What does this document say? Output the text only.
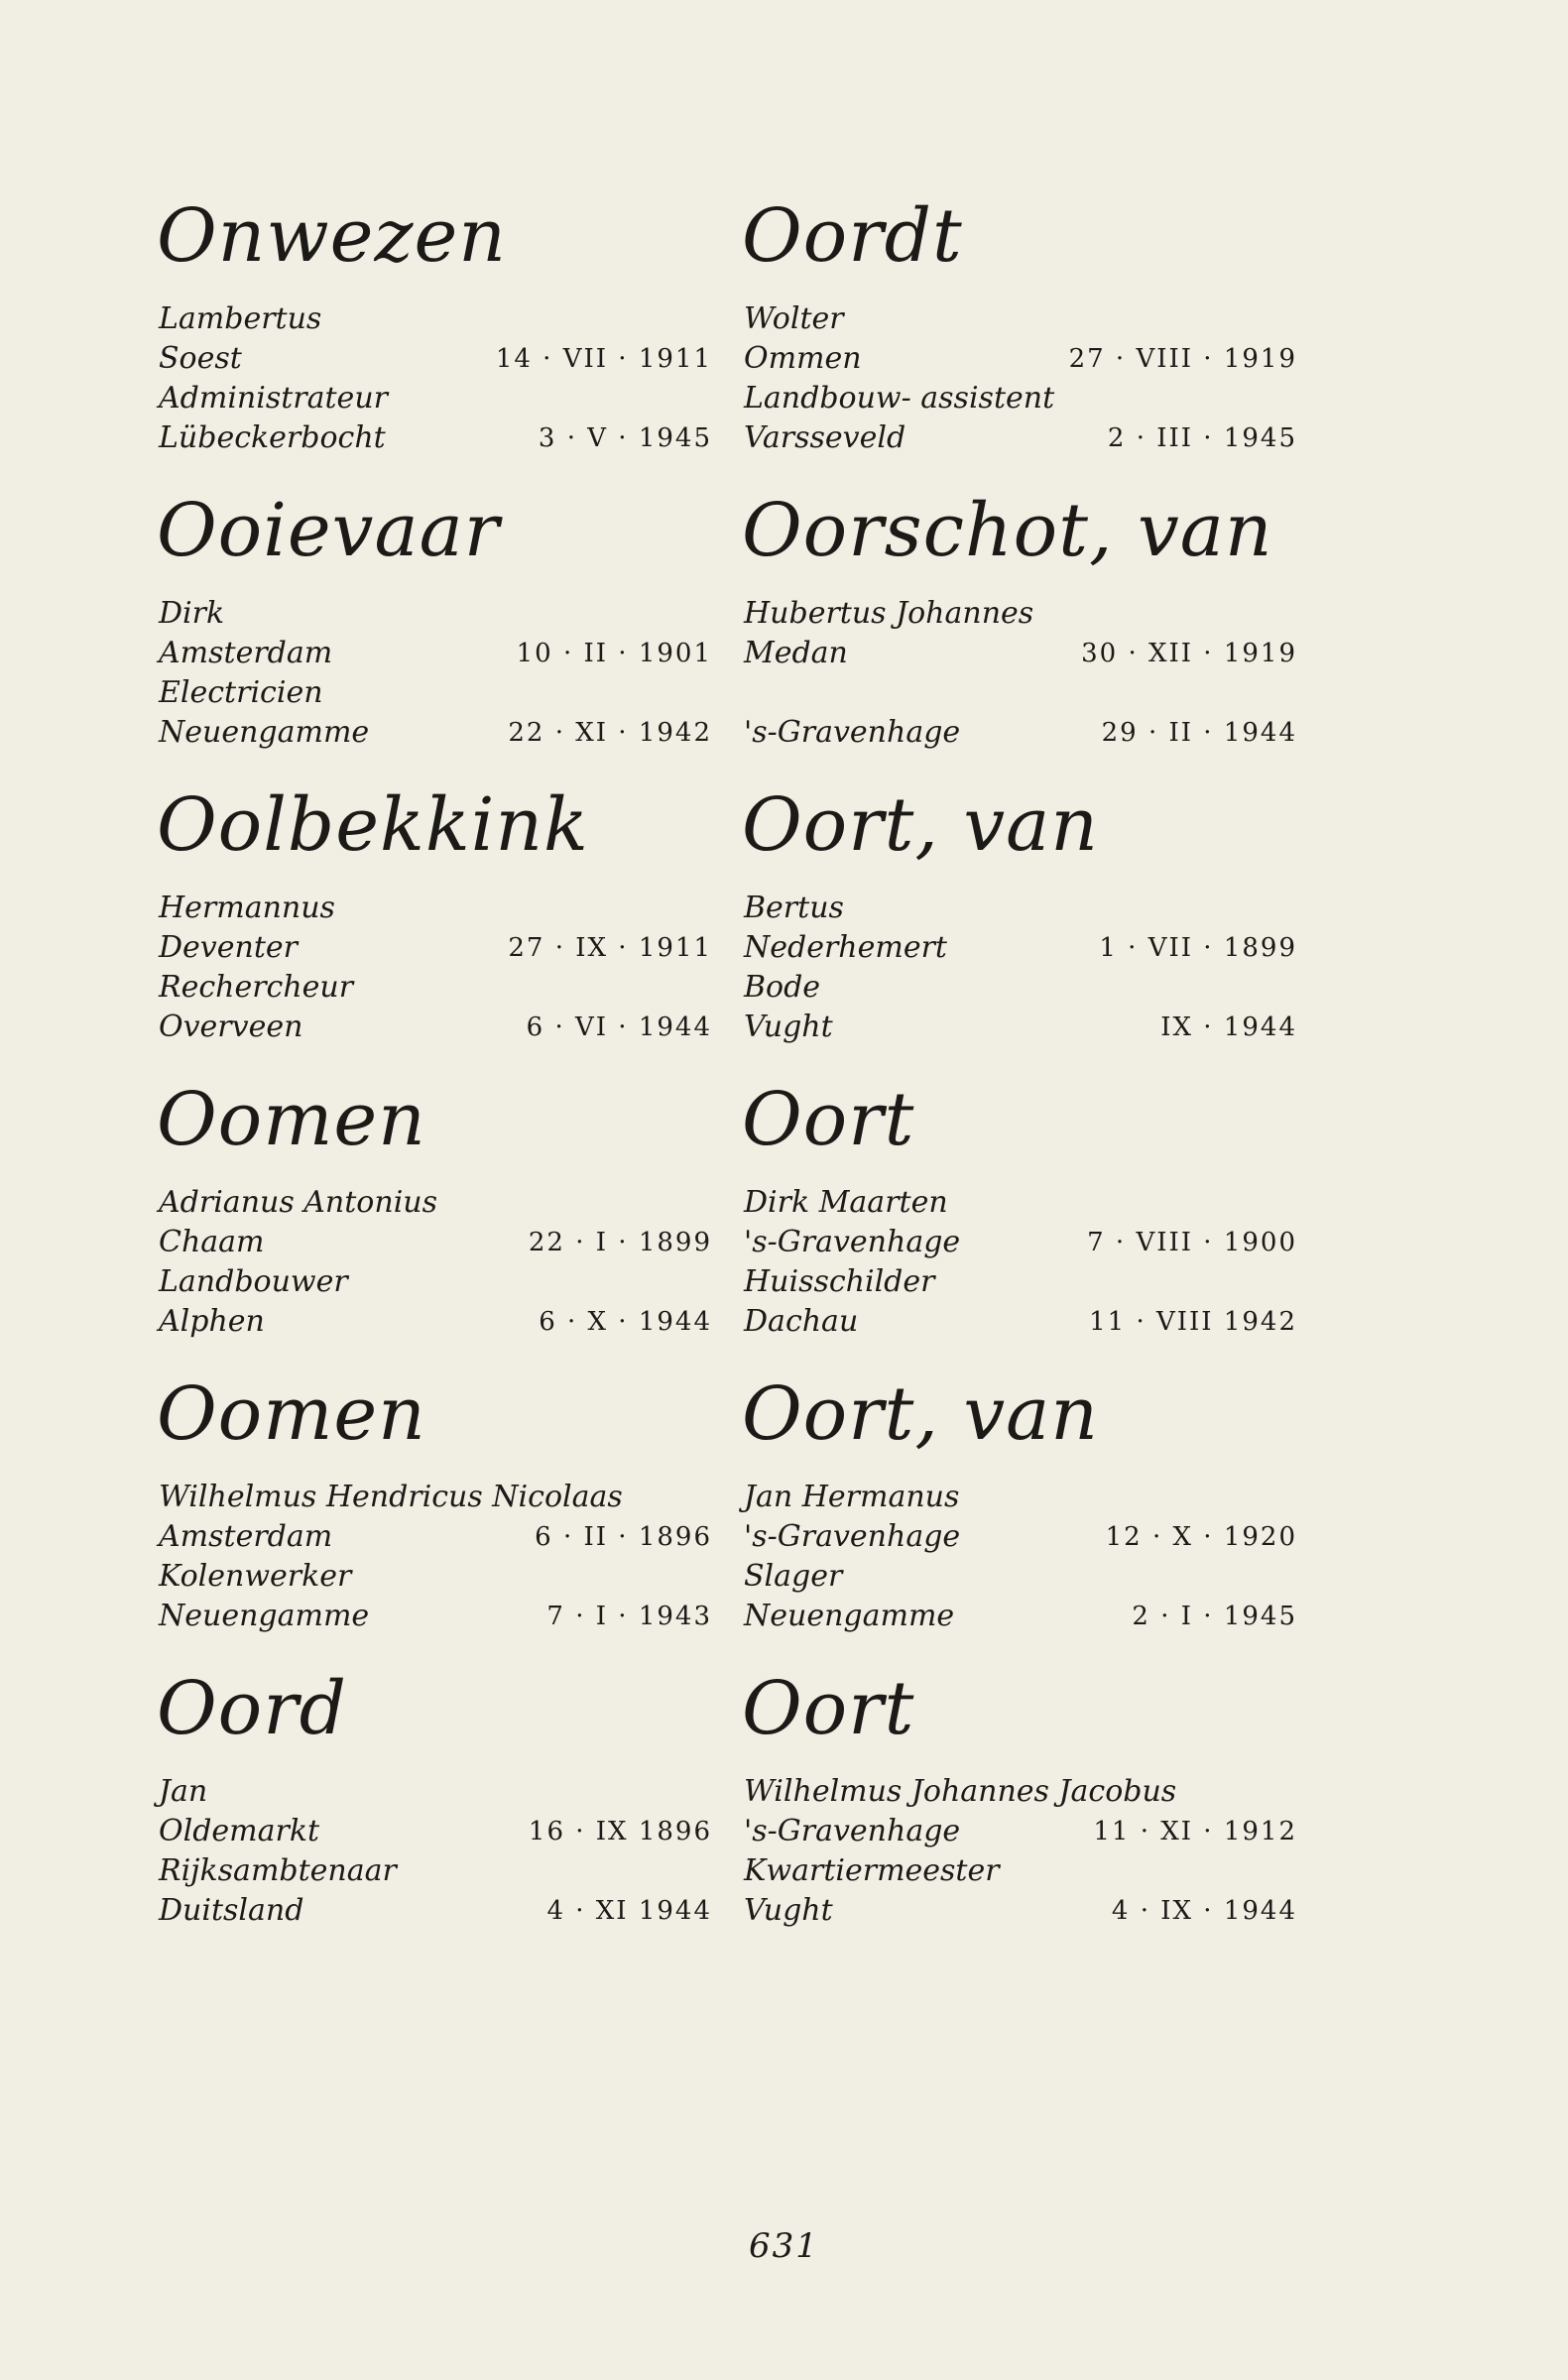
Onwezen
Lambertus
Soest	14 · VII · 1911
Administrateur
Lübeckerbocht	3 · V · 1945
Ooievaar
Dirk
Amsterdam	10 · II · 1901
Electricien
Neuengamme	22 · XI · 1942
Oolbekkink
Hermannus
Deventer	27 · IX · 1911
Rechercheur
Overveen	6 · VI · 1944
Oomen
Adrianus Antonius
Chaam	22 · I · 1899
Landbouwer
Alphen	6 · X · 1944
Oomen
Wilhelmus Hendricus Nicolaas
Amsterdam	6 · II · 1896
Kolenwerker
Neuengamme	7 · I · 1943
Oord
Jan
Oldemarkt	16 · IX 1896
Rijksambtenaar
Duitsland	4 · XI 1944
Oordt
Wolter
Ommen	27 · VIII · 1919
Landbouw- assistent
Varsseveld	2 · III · 1945
Oorschot, van
Hubertus Johannes
Medan	30 · XII · 1919
's-Gravenhage	29 · II · 1944
Oort, van
Bertus
Nederhemert	1 · VII · 1899
Bode
Vught	IX · 1944
Oort
Dirk Maarten
's-Gravenhage	7 · VIII · 1900
Huisschilder
Dachau	11 · VIII 1942
Oort, van
Jan Hermanus
's-Gravenhage	12 · X · 1920
Slager
Neuengamme	2 · I · 1945
Oort
Wilhelmus Johannes Jacobus
's-Gravenhage	11 · XI · 1912
Kwartiermeester
Vught	4 · IX · 1944
631
